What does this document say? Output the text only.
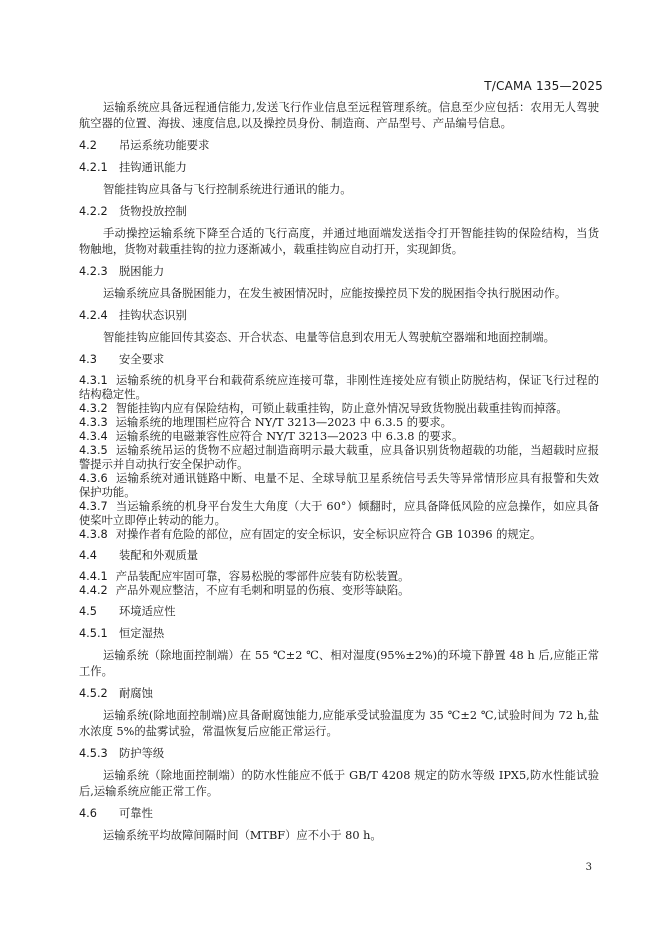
T/CAMA 135—2025

运输系统应具备远程通信能力,发送飞行作业信息至远程管理系统。信息至少应包括：农用无人驾驶航空器的位置、海拔、速度信息,以及操控员身份、制造商、产品型号、产品编号信息。

4.2	吊运系统功能要求
4.2.1 挂钩通讯能力

智能挂钩应具备与飞行控制系统进行通讯的能力。

4.2.2 货物投放控制

手动操控运输系统下降至合适的飞行高度，并通过地面端发送指令打开智能挂钩的保险结构，当货物触地，货物对载重挂钩的拉力逐渐减小，载重挂钩应自动打开，实现卸货。

4.2.3 脱困能力

运输系统应具备脱困能力，在发生被困情况时，应能按操控员下发的脱困指令执行脱困动作。

4.2.4 挂钩状态识别

智能挂钩应能回传其姿态、开合状态、电量等信息到农用无人驾驶航空器端和地面控制端。

4.3	安全要求

4.3.1 运输系统的机身平台和载荷系统应连接可靠，非刚性连接处应有锁止防脱结构，保证飞行过程的结构稳定性。

4.3.2 智能挂钩内应有保险结构，可锁止载重挂钩，防止意外情况导致货物脱出载重挂钩而掉落。

4.3.3 运输系统的地理围栏应符合 NY/T 3213—2023 中 6.3.5 的要求。

4.3.4 运输系统的电磁兼容性应符合 NY/T 3213—2023 中 6.3.8 的要求。

4.3.5 运输系统吊运的货物不应超过制造商明示最大载重，应具备识别货物超载的功能，当超载时应报警提示并自动执行安全保护动作。

4.3.6 运输系统对通讯链路中断、电量不足、全球导航卫星系统信号丢失等异常情形应具有报警和失效保护功能。

4.3.7 当运输系统的机身平台发生大角度（大于 60°）倾翻时，应具备降低风险的应急操作，如应具备使桨叶立即停止转动的能力。

4.3.8 对操作者有危险的部位，应有固定的安全标识，安全标识应符合 GB 10396 的规定。

4.4	装配和外观质量

4.4.1 产品装配应牢固可靠，容易松脱的零部件应装有防松装置。

4.4.2 产品外观应整洁，不应有毛刺和明显的伤痕、变形等缺陷。

4.5	环境适应性
4.5.1 恒定湿热

运输系统（除地面控制端）在 55 ℃±2 ℃、相对湿度(95%±2%)的环境下静置 48 h 后,应能正常工作。

4.5.2 耐腐蚀

运输系统(除地面控制端)应具备耐腐蚀能力,应能承受试验温度为 35 ℃±2 ℃,试验时间为 72 h,盐水浓度 5%的盐雾试验，常温恢复后应能正常运行。

4.5.3 防护等级

运输系统（除地面控制端）的防水性能应不低于 GB/T 4208 规定的防水等级 IPX5,防水性能试验后,运输系统应能正常工作。

4.6	可靠性

运输系统平均故障间隔时间（MTBF）应不小于 80 h。

3
